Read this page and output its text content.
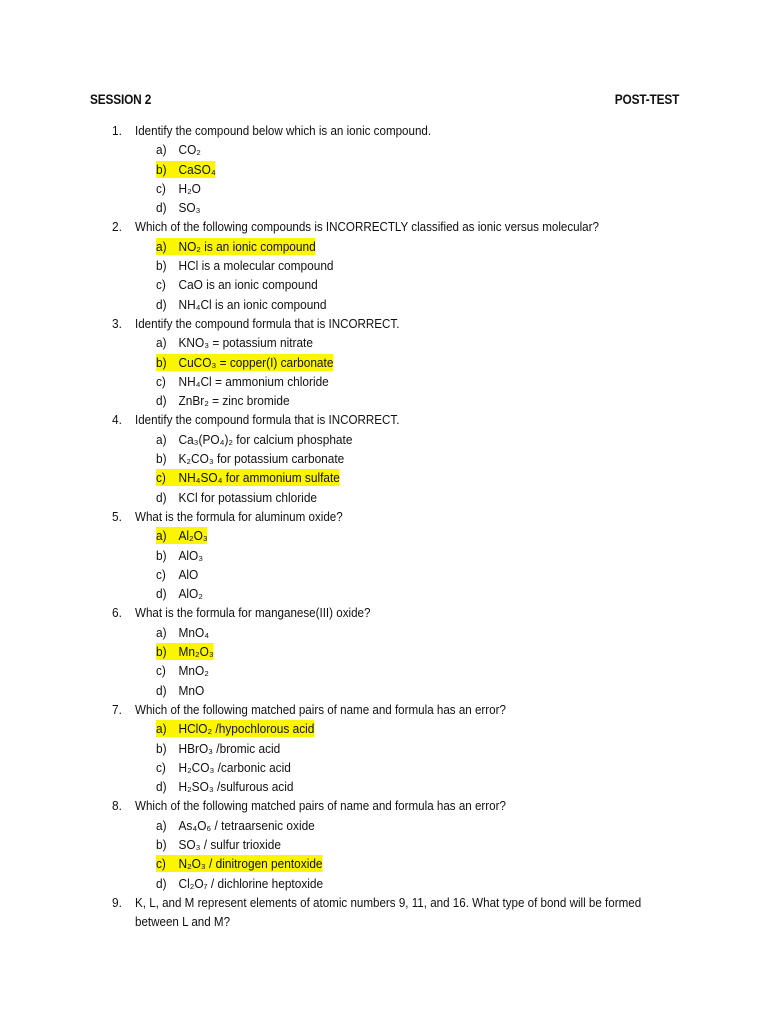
SESSION 2	POST-TEST
1. Identify the compound below which is an ionic compound.
a) CO₂
b) CaSO₄
c) H₂O
d) SO₃
2. Which of the following compounds is INCORRECTLY classified as ionic versus molecular?
a) NO₂ is an ionic compound
b) HCl is a molecular compound
c) CaO is an ionic compound
d) NH₄Cl is an ionic compound
3. Identify the compound formula that is INCORRECT.
a) KNO₃ = potassium nitrate
b) CuCO₃ = copper(I) carbonate
c) NH₄Cl = ammonium chloride
d) ZnBr₂ = zinc bromide
4. Identify the compound formula that is INCORRECT.
a) Ca₃(PO₄)₂ for calcium phosphate
b) K₂CO₃ for potassium carbonate
c) NH₄SO₄ for ammonium sulfate
d) KCl for potassium chloride
5. What is the formula for aluminum oxide?
a) Al₂O₃
b) AlO₃
c) AlO
d) AlO₂
6. What is the formula for manganese(III) oxide?
a) MnO₄
b) Mn₂O₃
c) MnO₂
d) MnO
7. Which of the following matched pairs of name and formula has an error?
a) HClO₂ /hypochlorous acid
b) HBrO₃ /bromic acid
c) H₂CO₃ /carbonic acid
d) H₂SO₃ /sulfurous acid
8. Which of the following matched pairs of name and formula has an error?
a) As₄O₆ / tetraarsenic oxide
b) SO₃ / sulfur trioxide
c) N₂O₃ / dinitrogen pentoxide
d) Cl₂O₇ / dichlorine heptoxide
9. K, L, and M represent elements of atomic numbers 9, 11, and 16. What type of bond will be formed between L and M?
